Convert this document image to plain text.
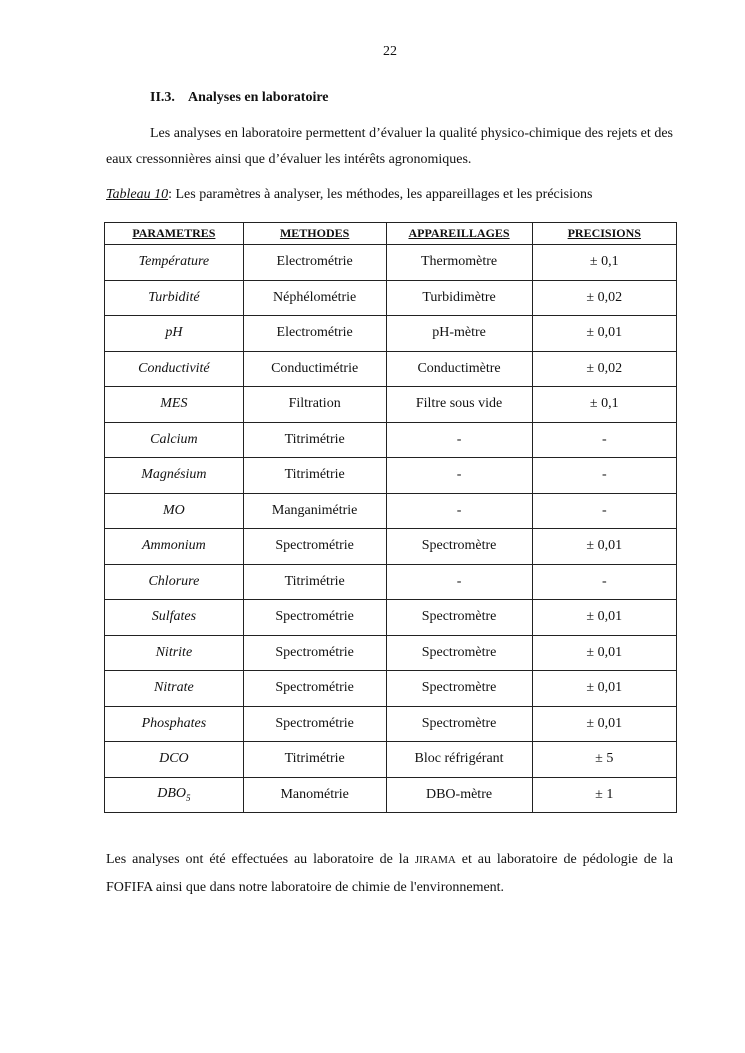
22
II.3. Analyses en laboratoire
Les analyses en laboratoire permettent d’évaluer la qualité physico-chimique des rejets et des eaux cressonnières ainsi que d’évaluer les intérêts agronomiques.
Tableau 10: Les paramètres à analyser, les méthodes, les appareillages et les précisions
PARAMETRES	METHODES	APPAREILLAGES	PRECISIONS
Température	Electrométrie	Thermomètre	± 0,1
Turbidité	Néphélométrie	Turbidimètre	± 0,02
pH	Electrométrie	pH-mètre	± 0,01
Conductivité	Conductimétrie	Conductimètre	± 0,02
MES	Filtration	Filtre sous vide	± 0,1
Calcium	Titrimétrie	-	-
Magnésium	Titrimétrie	-	-
MO	Manganimétrie	-	-
Ammonium	Spectrométrie	Spectromètre	± 0,01
Chlorure	Titrimétrie	-	-
Sulfates	Spectrométrie	Spectromètre	± 0,01
Nitrite	Spectrométrie	Spectromètre	± 0,01
Nitrate	Spectrométrie	Spectromètre	± 0,01
Phosphates	Spectrométrie	Spectromètre	± 0,01
DCO	Titrimétrie	Bloc réfrigérant	± 5
$DBO_5$	Manométrie	DBO-mètre	± 1
Les analyses ont été effectuées au laboratoire de la JIRAMA et au laboratoire de pédologie de la FOFIFA ainsi que dans notre laboratoire de chimie de l'environnement.
